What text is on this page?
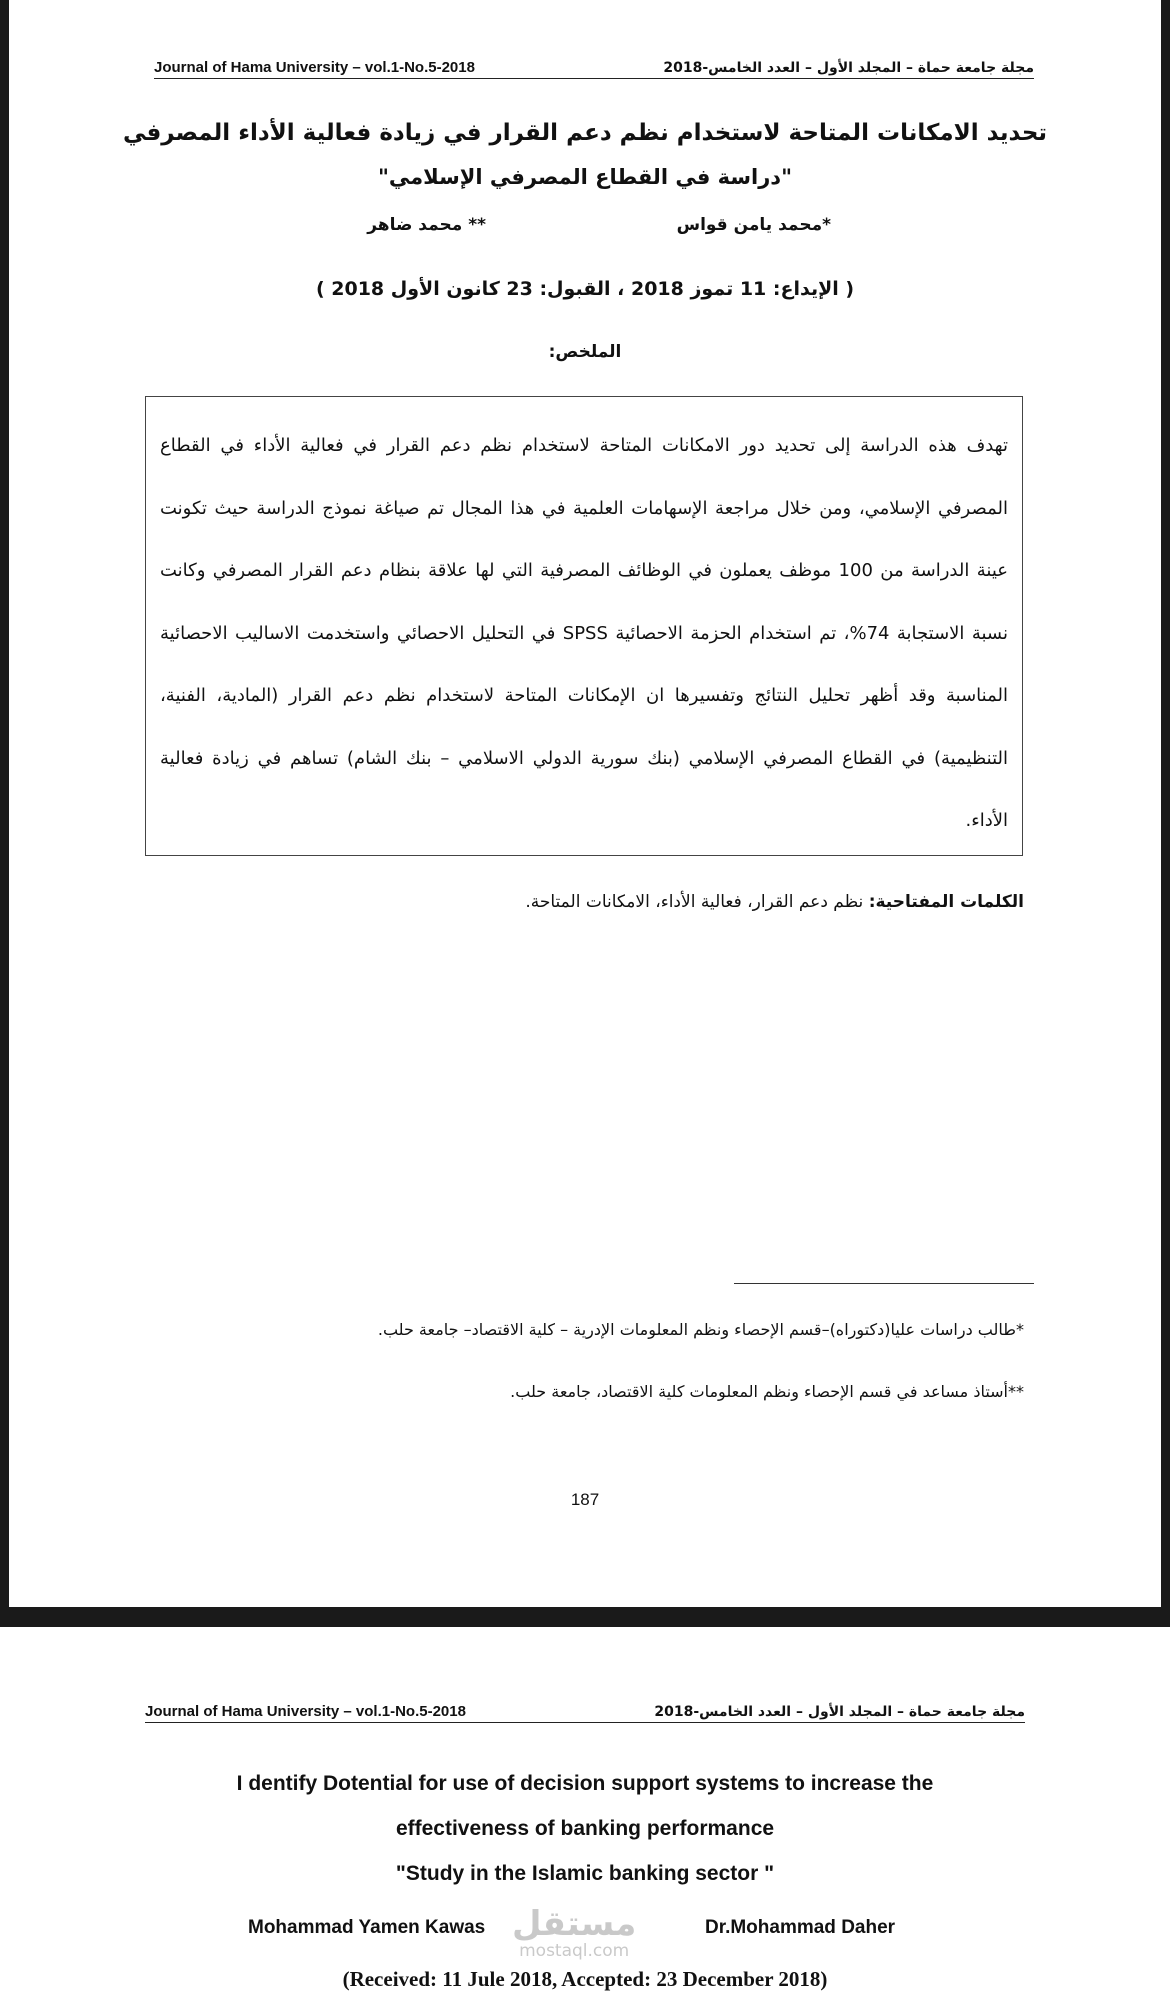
Journal of Hama University – vol.1-No.5-2018	مجلة جامعة حماة – المجلد الأول – العدد الخامس-2018
تحديد الامكانات المتاحة لاستخدام نظم دعم القرار في زيادة فعالية الأداء المصرفي
"دراسة في القطاع المصرفي الإسلامي"
*محمد يامن قواس
** محمد ضاهر
( الإيداع: 11 تموز 2018 ، القبول: 23 كانون الأول 2018 )
الملخص:

تهدف هذه الدراسة إلى تحديد دور الامكانات المتاحة لاستخدام نظم دعم القرار في فعالية الأداء في القطاع المصرفي الإسلامي، ومن خلال مراجعة الإسهامات العلمية في هذا المجال تم صياغة نموذج الدراسة حيث تكونت عينة الدراسة من 100 موظف يعملون في الوظائف المصرفية التي لها علاقة بنظام دعم القرار المصرفي وكانت نسبة الاستجابة 74%، تم استخدام الحزمة الاحصائية SPSS في التحليل الاحصائي واستخدمت الاساليب الاحصائية المناسبة وقد أظهر تحليل النتائج وتفسيرها ان الإمكانات المتاحة لاستخدام نظم دعم القرار (المادية، الفنية، التنظيمية) في القطاع المصرفي الإسلامي (بنك سورية الدولي الاسلامي – بنك الشام) تساهم في زيادة فعالية الأداء.

الكلمات المفتاحية: نظم دعم القرار، فعالية الأداء، الامكانات المتاحة.
*طالب دراسات عليا(دكتوراه)–قسم الإحصاء ونظم المعلومات الإدرية – كلية الاقتصاد– جامعة حلب.
**أستاذ مساعد في قسم الإحصاء ونظم المعلومات كلية الاقتصاد، جامعة حلب.
187
Journal of Hama University – vol.1-No.5-2018	مجلة جامعة حماة – المجلد الأول – العدد الخامس-2018
I dentify Dotential for use of decision support systems to increase the
effectiveness of banking performance
"Study in the Islamic banking sector "
Mohammad Yamen Kawas	Dr.Mohammad Daher
(Received: 11 Jule 2018, Accepted: 23 December 2018)
مستقل
mostaql.com
